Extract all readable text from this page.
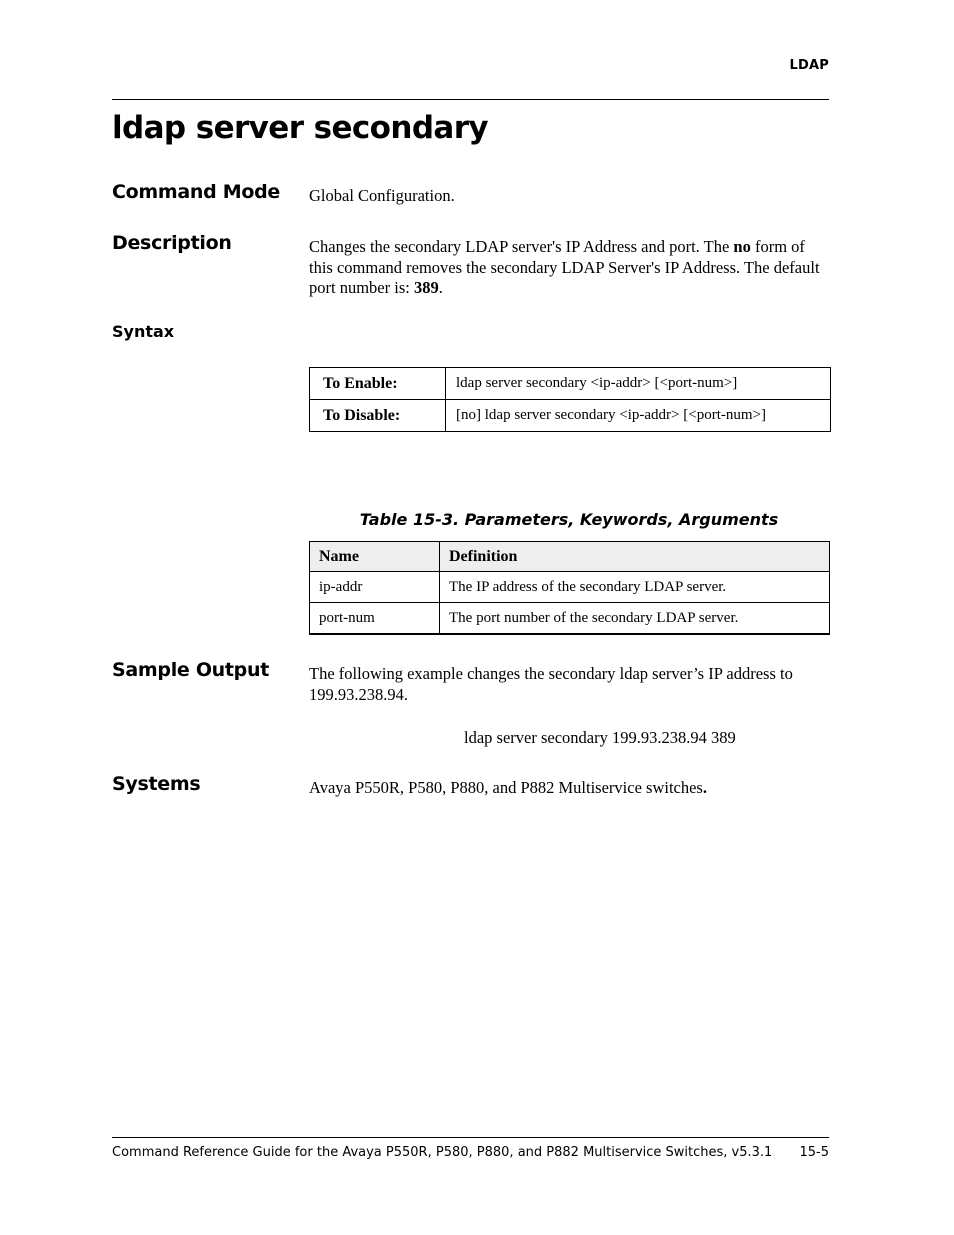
LDAP
ldap server secondary
Command Mode Global Configuration.
Description	Changes the secondary LDAP server's IP Address and port. The no form of this command removes the secondary LDAP Server's IP Address. The default port number is: 389.
Syntax
To Enable:	ldap server secondary <ip-addr> [<port-num>]
To Disable:	[no] ldap server secondary <ip-addr> [<port-num>]
Table 15-3. Parameters, Keywords, Arguments
Name	Definition
ip-addr	The IP address of the secondary LDAP server.
port-num	The port number of the secondary LDAP server.
Sample Output The following example changes the secondary ldap server’s IP address to 199.93.238.94.
ldap server secondary 199.93.238.94 389
Systems	Avaya P550R, P580, P880, and P882 Multiservice switches.
Command Reference Guide for the Avaya P550R, P580, P880, and P882 Multiservice Switches, v5.3.1 15-5
